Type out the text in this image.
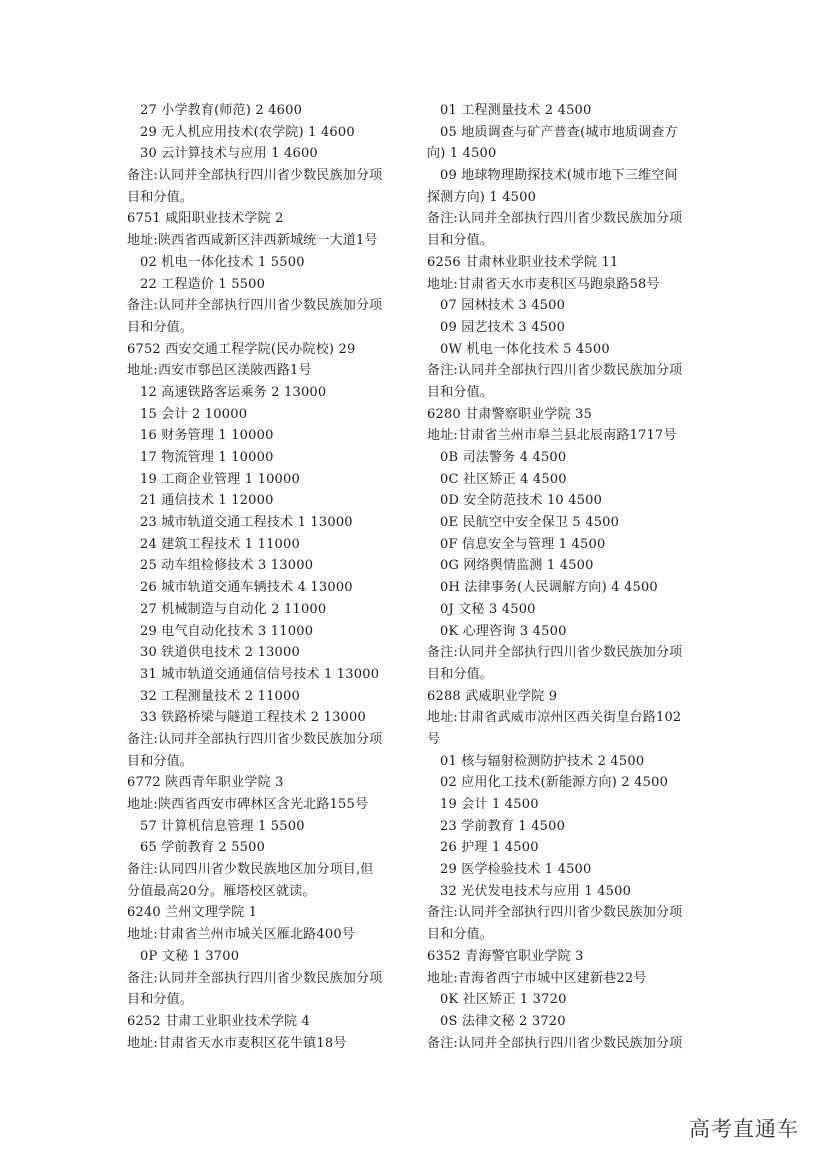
27 小学教育(师范) 2 4600
29 无人机应用技术(农学院) 1 4600
30 云计算技术与应用 1 4600
备注:认同并全部执行四川省少数民族加分项
目和分值。
6751 咸阳职业技术学院 2
地址:陕西省西咸新区沣西新城统一大道1号
02 机电一体化技术 1 5500
22 工程造价 1 5500
备注:认同并全部执行四川省少数民族加分项
目和分值。
6752 西安交通工程学院(民办院校) 29
地址:西安市鄠邑区渼陂西路1号
12 高速铁路客运乘务 2 13000
15 会计 2 10000
16 财务管理 1 10000
17 物流管理 1 10000
19 工商企业管理 1 10000
21 通信技术 1 12000
23 城市轨道交通工程技术 1 13000
24 建筑工程技术 1 11000
25 动车组检修技术 3 13000
26 城市轨道交通车辆技术 4 13000
27 机械制造与自动化 2 11000
29 电气自动化技术 3 11000
30 铁道供电技术 2 13000
31 城市轨道交通通信信号技术 1 13000
32 工程测量技术 2 11000
33 铁路桥梁与隧道工程技术 2 13000
备注:认同并全部执行四川省少数民族加分项
目和分值。
6772 陕西青年职业学院 3
地址:陕西省西安市碑林区含光北路155号
57 计算机信息管理 1 5500
65 学前教育 2 5500
备注:认同四川省少数民族地区加分项目,但
分值最高20分。雁塔校区就读。
6240 兰州文理学院 1
地址:甘肃省兰州市城关区雁北路400号
0P 文秘 1 3700
备注:认同并全部执行四川省少数民族加分项
目和分值。
6252 甘肃工业职业技术学院 4
地址:甘肃省天水市麦积区花牛镇18号
01 工程测量技术 2 4500
05 地质调查与矿产普查(城市地质调查方
向) 1 4500
09 地球物理勘探技术(城市地下三维空间
探测方向) 1 4500
备注:认同并全部执行四川省少数民族加分项
目和分值。
6256 甘肃林业职业技术学院 11
地址:甘肃省天水市麦积区马跑泉路58号
07 园林技术 3 4500
09 园艺技术 3 4500
0W 机电一体化技术 5 4500
备注:认同并全部执行四川省少数民族加分项
目和分值。
6280 甘肃警察职业学院 35
地址:甘肃省兰州市皋兰县北辰南路1717号
0B 司法警务 4 4500
0C 社区矫正 4 4500
0D 安全防范技术 10 4500
0E 民航空中安全保卫 5 4500
0F 信息安全与管理 1 4500
0G 网络舆情监测 1 4500
0H 法律事务(人民调解方向) 4 4500
0J 文秘 3 4500
0K 心理咨询 3 4500
备注:认同并全部执行四川省少数民族加分项
目和分值。
6288 武威职业学院 9
地址:甘肃省武威市凉州区西关街皇台路102
号
01 核与辐射检测防护技术 2 4500
02 应用化工技术(新能源方向) 2 4500
19 会计 1 4500
23 学前教育 1 4500
26 护理 1 4500
29 医学检验技术 1 4500
32 光伏发电技术与应用 1 4500
备注:认同并全部执行四川省少数民族加分项
目和分值。
6352 青海警官职业学院 3
地址:青海省西宁市城中区建新巷22号
0K 社区矫正 1 3720
0S 法律文秘 2 3720
备注:认同并全部执行四川省少数民族加分项
高考直通车
